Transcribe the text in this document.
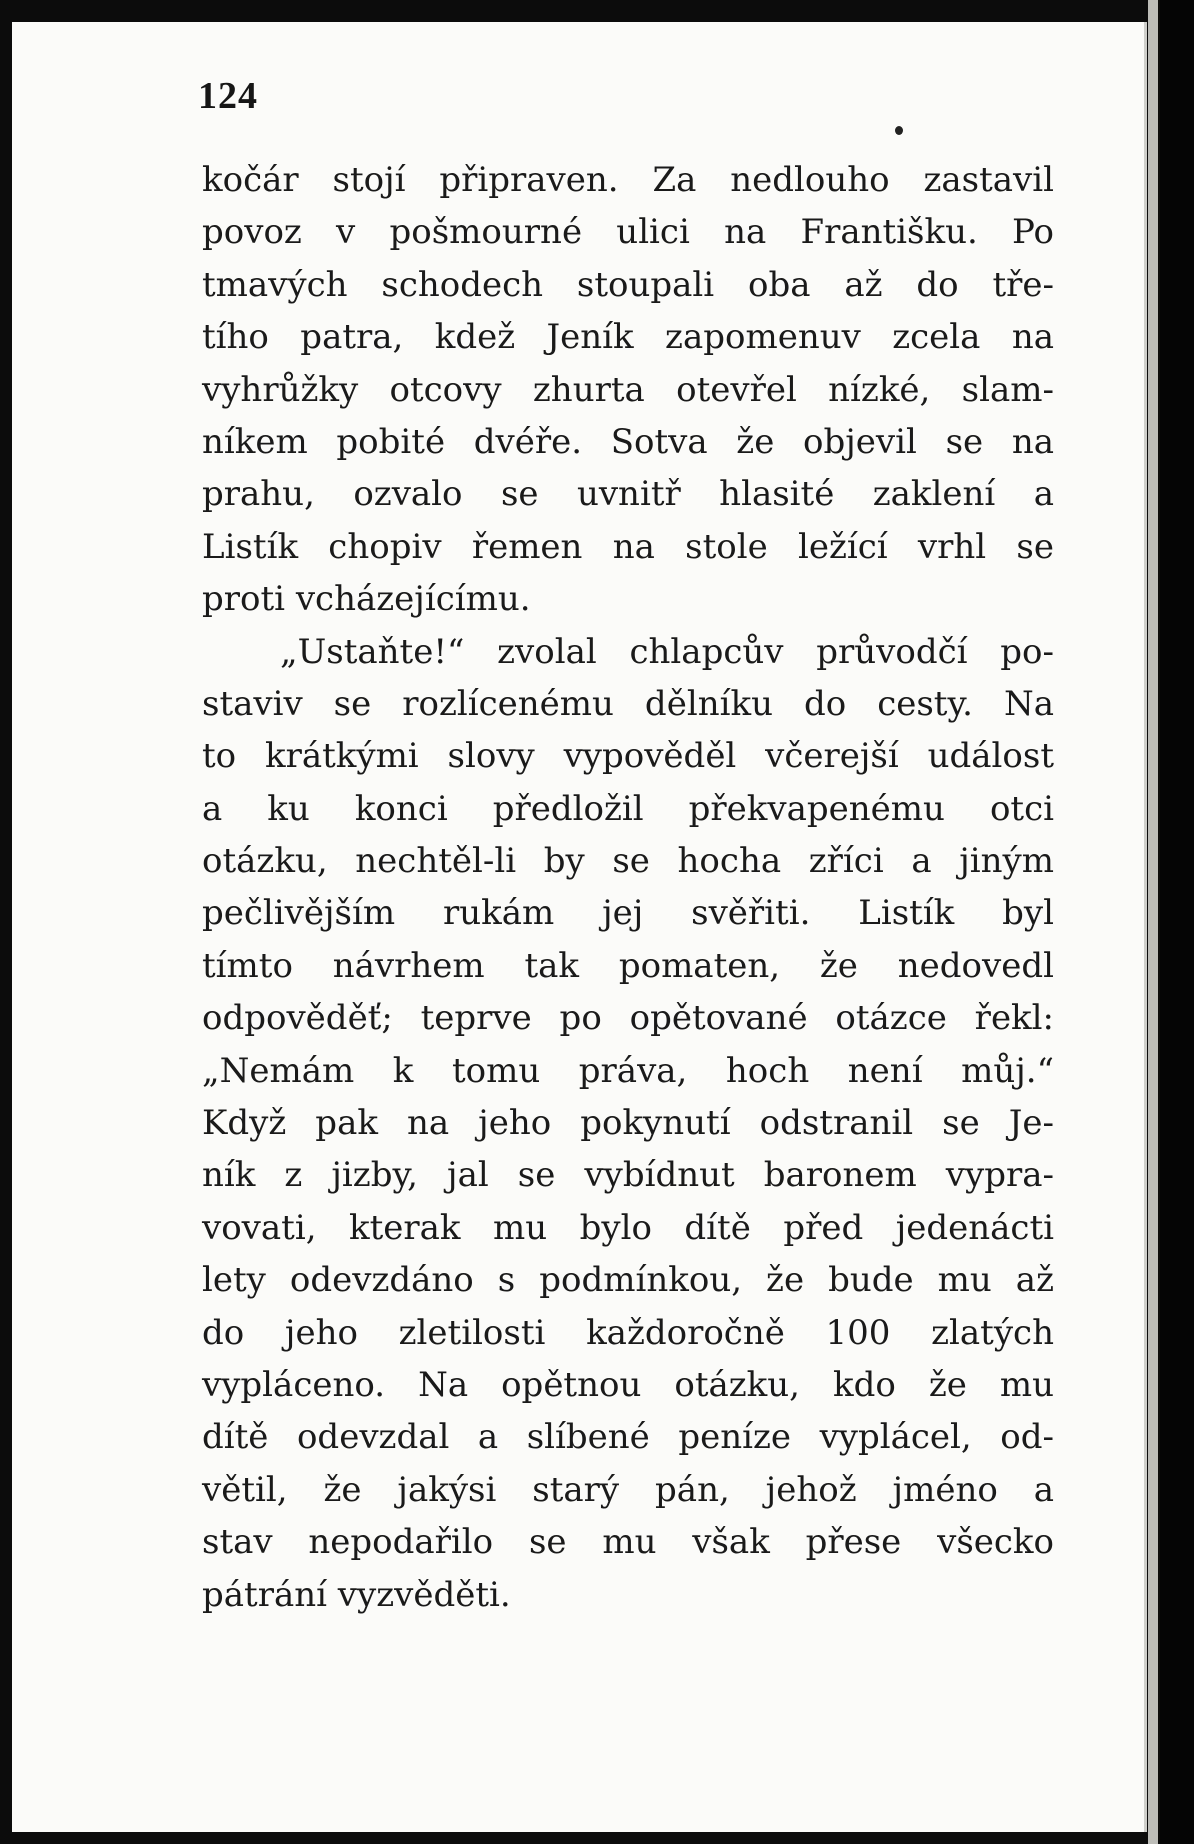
124
kočár stojí připraven. Za nedlouho zastavil
povoz v pošmourné ulici na Františku. Po
tmavých schodech stoupali oba až do tře-
tího patra, kdež Jeník zapomenuv zcela na
vyhrůžky otcovy zhurta otevřel nízké, slam-
níkem pobité dvéře. Sotva že objevil se na
prahu, ozvalo se uvnitř hlasité zaklení a
Listík chopiv řemen na stole ležící vrhl se
proti vcházejícímu.
„Ustaňte!“ zvolal chlapcův průvodčí po-
staviv se rozlícenému dělníku do cesty. Na
to krátkými slovy vypověděl včerejší událost
a ku konci předložil překvapenému otci
otázku, nechtěl-li by se hocha zříci a jiným
pečlivějším rukám jej svěřiti. Listík byl
tímto návrhem tak pomaten, že nedovedl
odpověděť; teprve po opětované otázce řekl:
„Nemám k tomu práva, hoch není můj.“
Když pak na jeho pokynutí odstranil se Je-
ník z jizby, jal se vybídnut baronem vypra-
vovati, kterak mu bylo dítě před jedenácti
lety odevzdáno s podmínkou, že bude mu až
do jeho zletilosti každoročně 100 zlatých
vypláceno. Na opětnou otázku, kdo že mu
dítě odevzdal a slíbené peníze vyplácel, od-
větil, že jakýsi starý pán, jehož jméno a
stav nepodařilo se mu však přese všecko
pátrání vyzvěděti.
